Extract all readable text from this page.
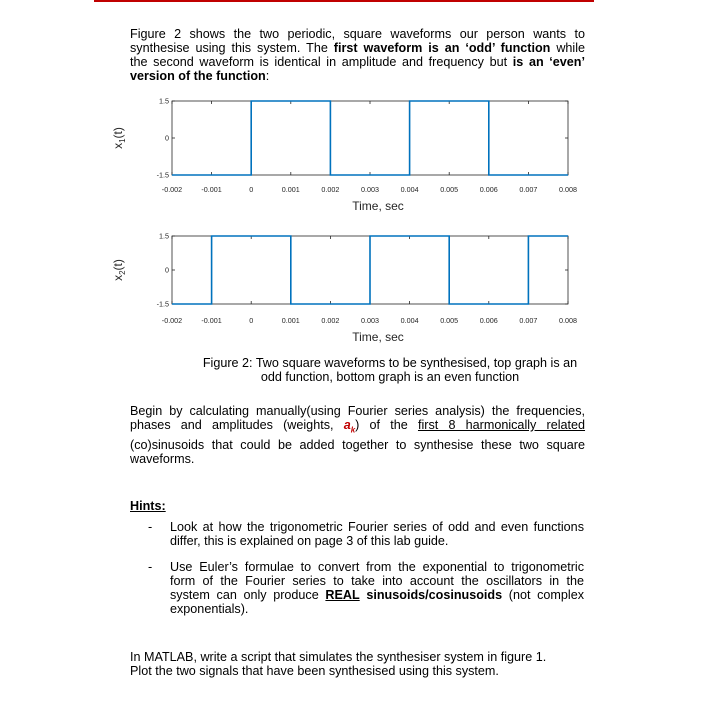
Figure 2 shows the two periodic, square waveforms our person wants to
synthesise using this system. The first waveform is an ‘odd’ function while
the second waveform is identical in amplitude and frequency but is an ‘even’
version of the function:
-0.002	-0.001	0	0.001	0.002	0.003	0.004	0.005	0.006	0.007	0.008
1.5
0
-1.5
Time, sec
$x_1(t)$
-0.002	-0.001	0	0.001	0.002	0.003	0.004	0.005	0.006	0.007	0.008
1.5
0
-1.5
Time, sec
$x_2(t)$
Figure 2: Two square waveforms to be synthesised, top graph is an
odd function, bottom graph is an even function
Begin by calculating manually(using Fourier series analysis) the frequencies,
phases and amplitudes (weights, $a_k$) of the first 8 harmonically related
(co)sinusoids that could be added together to synthesise these two square
waveforms.
Hints:
- Look at how the trigonometric Fourier series of odd and even functions
differ, this is explained on page 3 of this lab guide.
- Use Euler’s formulae to convert from the exponential to trigonometric
form of the Fourier series to take into account the oscillators in the
system can only produce REAL sinusoids/cosinusoids (not complex
exponentials).
In MATLAB, write a script that simulates the synthesiser system in figure 1.
Plot the two signals that have been synthesised using this system.
